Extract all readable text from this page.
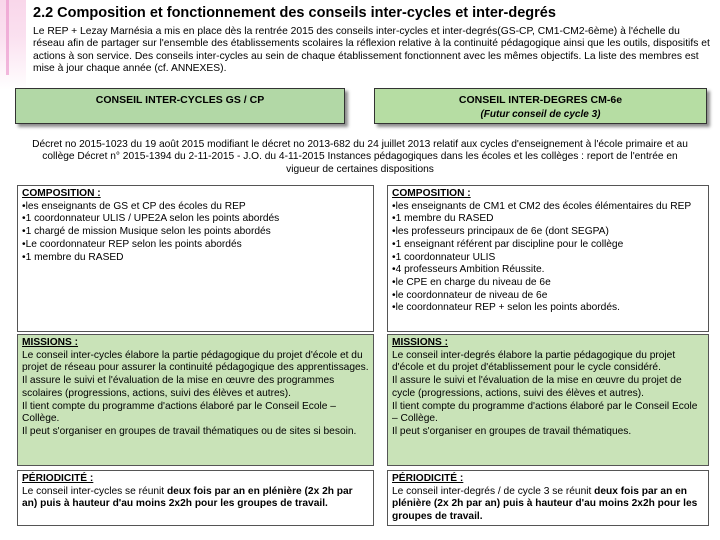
2.2 Composition et fonctionnement des conseils inter-cycles et inter-degrés
Le REP + Lezay Marnésia a mis en place dès la rentrée 2015 des conseils inter-cycles et inter-degrés(GS-CP, CM1-CM2-6ème) à l'échelle du réseau afin de partager sur l'ensemble des établissements scolaires la réflexion relative à la continuité pédagogique ainsi que les outils, dispositifs et actions à son service. Des conseils inter-cycles au sein de chaque établissement fonctionnent avec les mêmes objectifs. La liste des membres est mise à jour chaque année (cf. ANNEXES).
CONSEIL INTER-CYCLES GS / CP	CONSEIL INTER-DEGRES CM-6e
(Futur conseil de cycle 3)
Décret no 2015-1023 du 19 août 2015 modifiant le décret no 2013-682 du 24 juillet 2013 relatif aux cycles d'enseignement à l'école primaire et au collège Décret n° 2015-1394 du 2-11-2015 - J.O. du 4-11-2015 Instances pédagogiques dans les écoles et les collèges : report de l'entrée en vigueur de certaines dispositions
COMPOSITION :
•les enseignants de GS et CP des écoles du REP
•1 coordonnateur ULIS / UPE2A selon les points abordés
•1 chargé de mission Musique selon les points abordés
•Le coordonnateur REP selon les points abordés
•1 membre du RASED
MISSIONS :
Le conseil inter-cycles élabore la partie pédagogique du projet d'école et du projet de réseau pour assurer la continuité pédagogique des apprentissages.
Il assure le suivi et l'évaluation de la mise en œuvre des programmes scolaires (progressions, actions, suivi des élèves et autres).
Il tient compte du programme d'actions élaboré par le Conseil Ecole – Collège.
Il peut s'organiser en groupes de travail thématiques ou de sites si besoin.
PÉRIODICITÉ :
Le conseil inter-cycles se réunit deux fois par an en plénière (2x 2h par an) puis à hauteur d'au moins 2x2h pour les groupes de travail.
COMPOSITION :
•les enseignants de CM1 et CM2 des écoles élémentaires du REP
•1 membre du RASED
•les professeurs principaux de 6e (dont SEGPA)
•1 enseignant référent par discipline pour le collège
•1 coordonnateur ULIS
•4 professeurs Ambition Réussite.
•le CPE en charge du niveau de 6e
•le coordonnateur de niveau de 6e
•le coordonnateur REP + selon les points abordés.
MISSIONS :
Le conseil inter-degrés élabore la partie pédagogique du projet d'école et du projet d'établissement pour le cycle considéré.
Il assure le suivi et l'évaluation de la mise en œuvre du projet de cycle (progressions, actions, suivi des élèves et autres).
Il tient compte du programme d'actions élaboré par le Conseil Ecole – Collège.
Il peut s'organiser en groupes de travail thématiques.
PÉRIODICITÉ :
Le conseil inter-degrés / de cycle 3 se réunit deux fois par an en plénière (2x 2h par an) puis à hauteur d'au moins 2x2h pour les groupes de travail.
